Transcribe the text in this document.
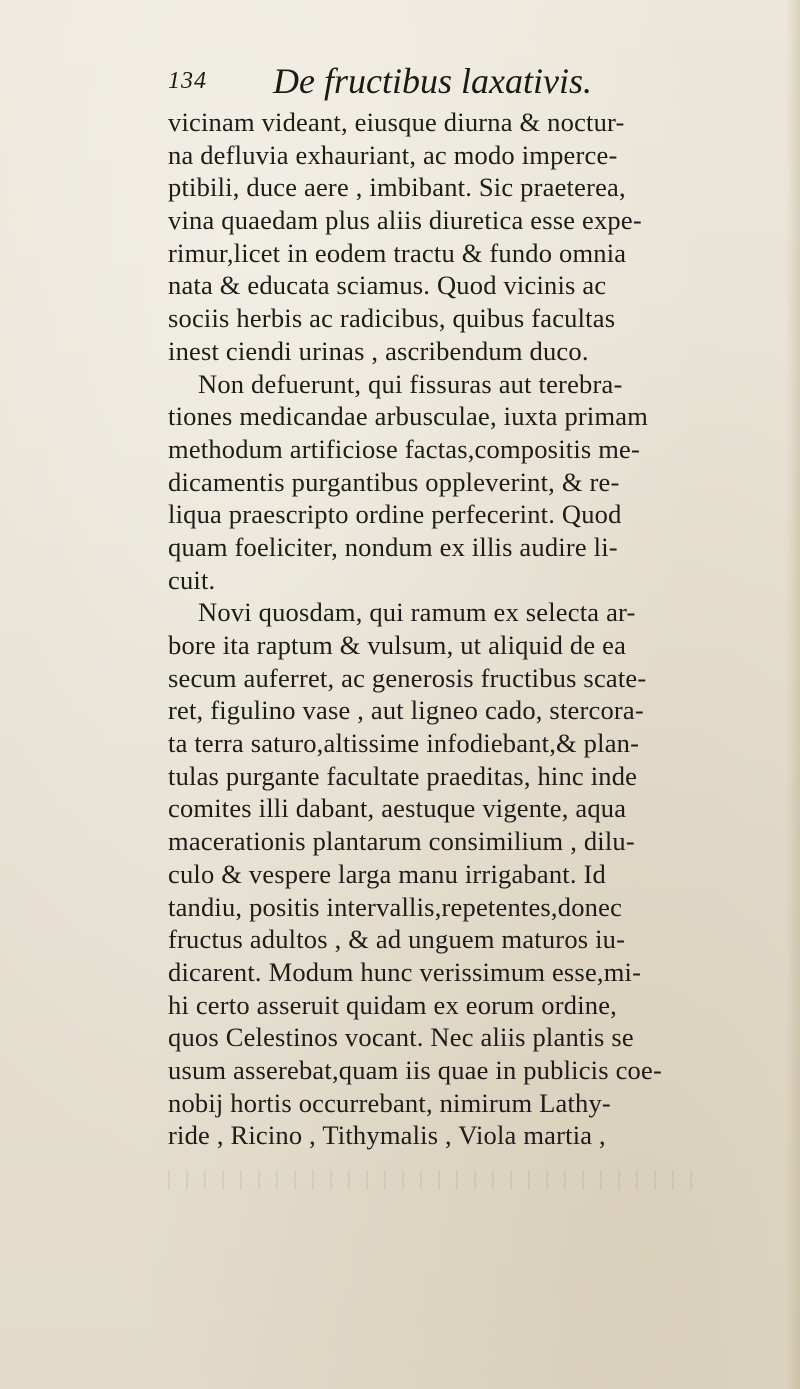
134 De fructibus laxativis.
vicinam videant, eiusque diurna & noctur-
na defluvia exhauriant, ac modo imperce-
ptibili, duce aere , imbibant. Sic praeterea,
vina quaedam plus aliis diuretica esse expe-
rimur,licet in eodem tractu & fundo omnia
nata & educata sciamus. Quod vicinis ac
sociis herbis ac radicibus, quibus facultas
inest ciendi urinas , ascribendum duco.
Non defuerunt, qui fissuras aut terebra-
tiones medicandae arbusculae, iuxta primam
methodum artificiose factas,compositis me-
dicamentis purgantibus oppleverint, & re-
liqua praescripto ordine perfecerint. Quod
quam foeliciter, nondum ex illis audire li-
cuit.
Novi quosdam, qui ramum ex selecta ar-
bore ita raptum & vulsum, ut aliquid de ea
secum auferret, ac generosis fructibus scate-
ret, figulino vase , aut ligneo cado, stercora-
ta terra saturo,altissime infodiebant,& plan-
tulas purgante facultate praeditas, hinc inde
comites illi dabant, aestuque vigente, aqua
macerationis plantarum consimilium , dilu-
culo & vespere larga manu irrigabant. Id
tandiu, positis intervallis,repetentes,donec
fructus adultos , & ad unguem maturos iu-
dicarent. Modum hunc verissimum esse,mi-
hi certo asseruit quidam ex eorum ordine,
quos Celestinos vocant. Nec aliis plantis se
usum asserebat,quam iis quae in publicis coe-
nobij hortis occurrebant, nimirum Lathy-
ride , Ricino , Tithymalis , Viola martia ,
